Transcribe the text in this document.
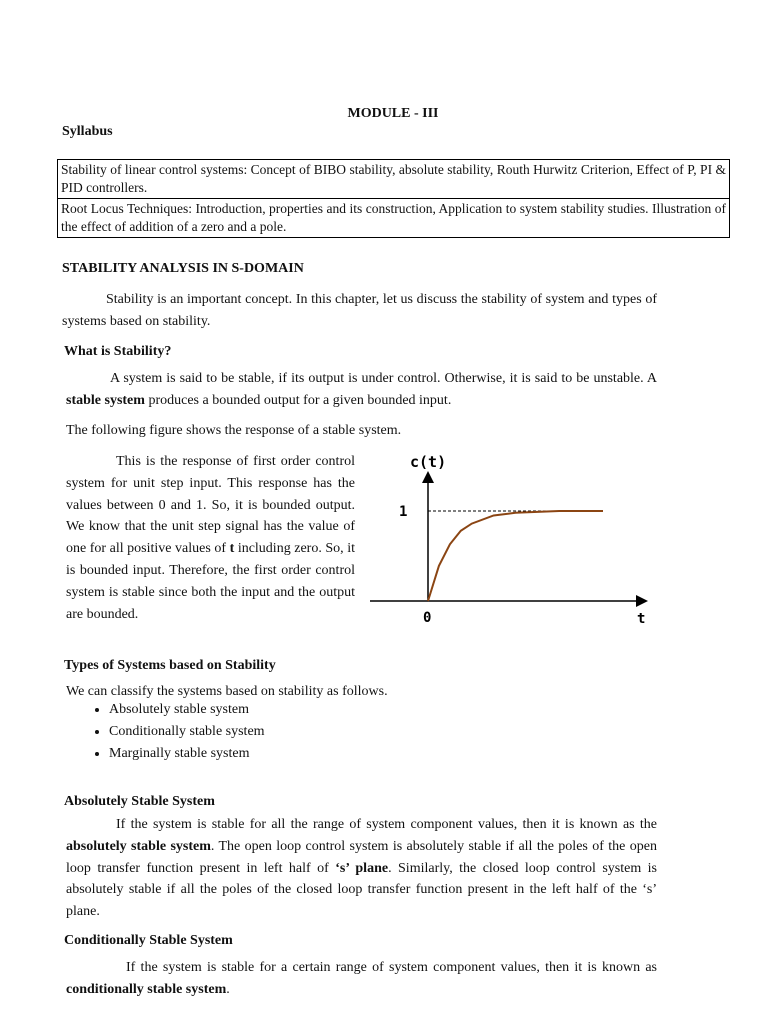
MODULE - III
Syllabus
Stability of linear control systems: Concept of BIBO stability, absolute stability, Routh Hurwitz Criterion, Effect of P, PI & PID controllers.
Root Locus Techniques: Introduction, properties and its construction, Application to system stability studies. Illustration of the effect of addition of a zero and a pole.
STABILITY ANALYSIS IN S-DOMAIN
Stability is an important concept. In this chapter, let us discuss the stability of system and types of systems based on stability.
What is Stability?
A system is said to be stable, if its output is under control. Otherwise, it is said to be unstable. A stable system produces a bounded output for a given bounded input.
The following figure shows the response of a stable system.
This is the response of first order control system for unit step input. This response has the values between 0 and 1. So, it is bounded output. We know that the unit step signal has the value of one for all positive values of t including zero. So, it is bounded input. Therefore, the first order control system is stable since both the input and the output are bounded.
c(t)
1
0	t
Types of Systems based on Stability
We can classify the systems based on stability as follows.
• Absolutely stable system
• Conditionally stable system
• Marginally stable system
Absolutely Stable System
If the system is stable for all the range of system component values, then it is known as the absolutely stable system. The open loop control system is absolutely stable if all the poles of the open loop transfer function present in left half of ‘s’ plane. Similarly, the closed loop control system is absolutely stable if all the poles of the closed loop transfer function present in the left half of the ‘s’ plane.
Conditionally Stable System
If the system is stable for a certain range of system component values, then it is known as conditionally stable system.
